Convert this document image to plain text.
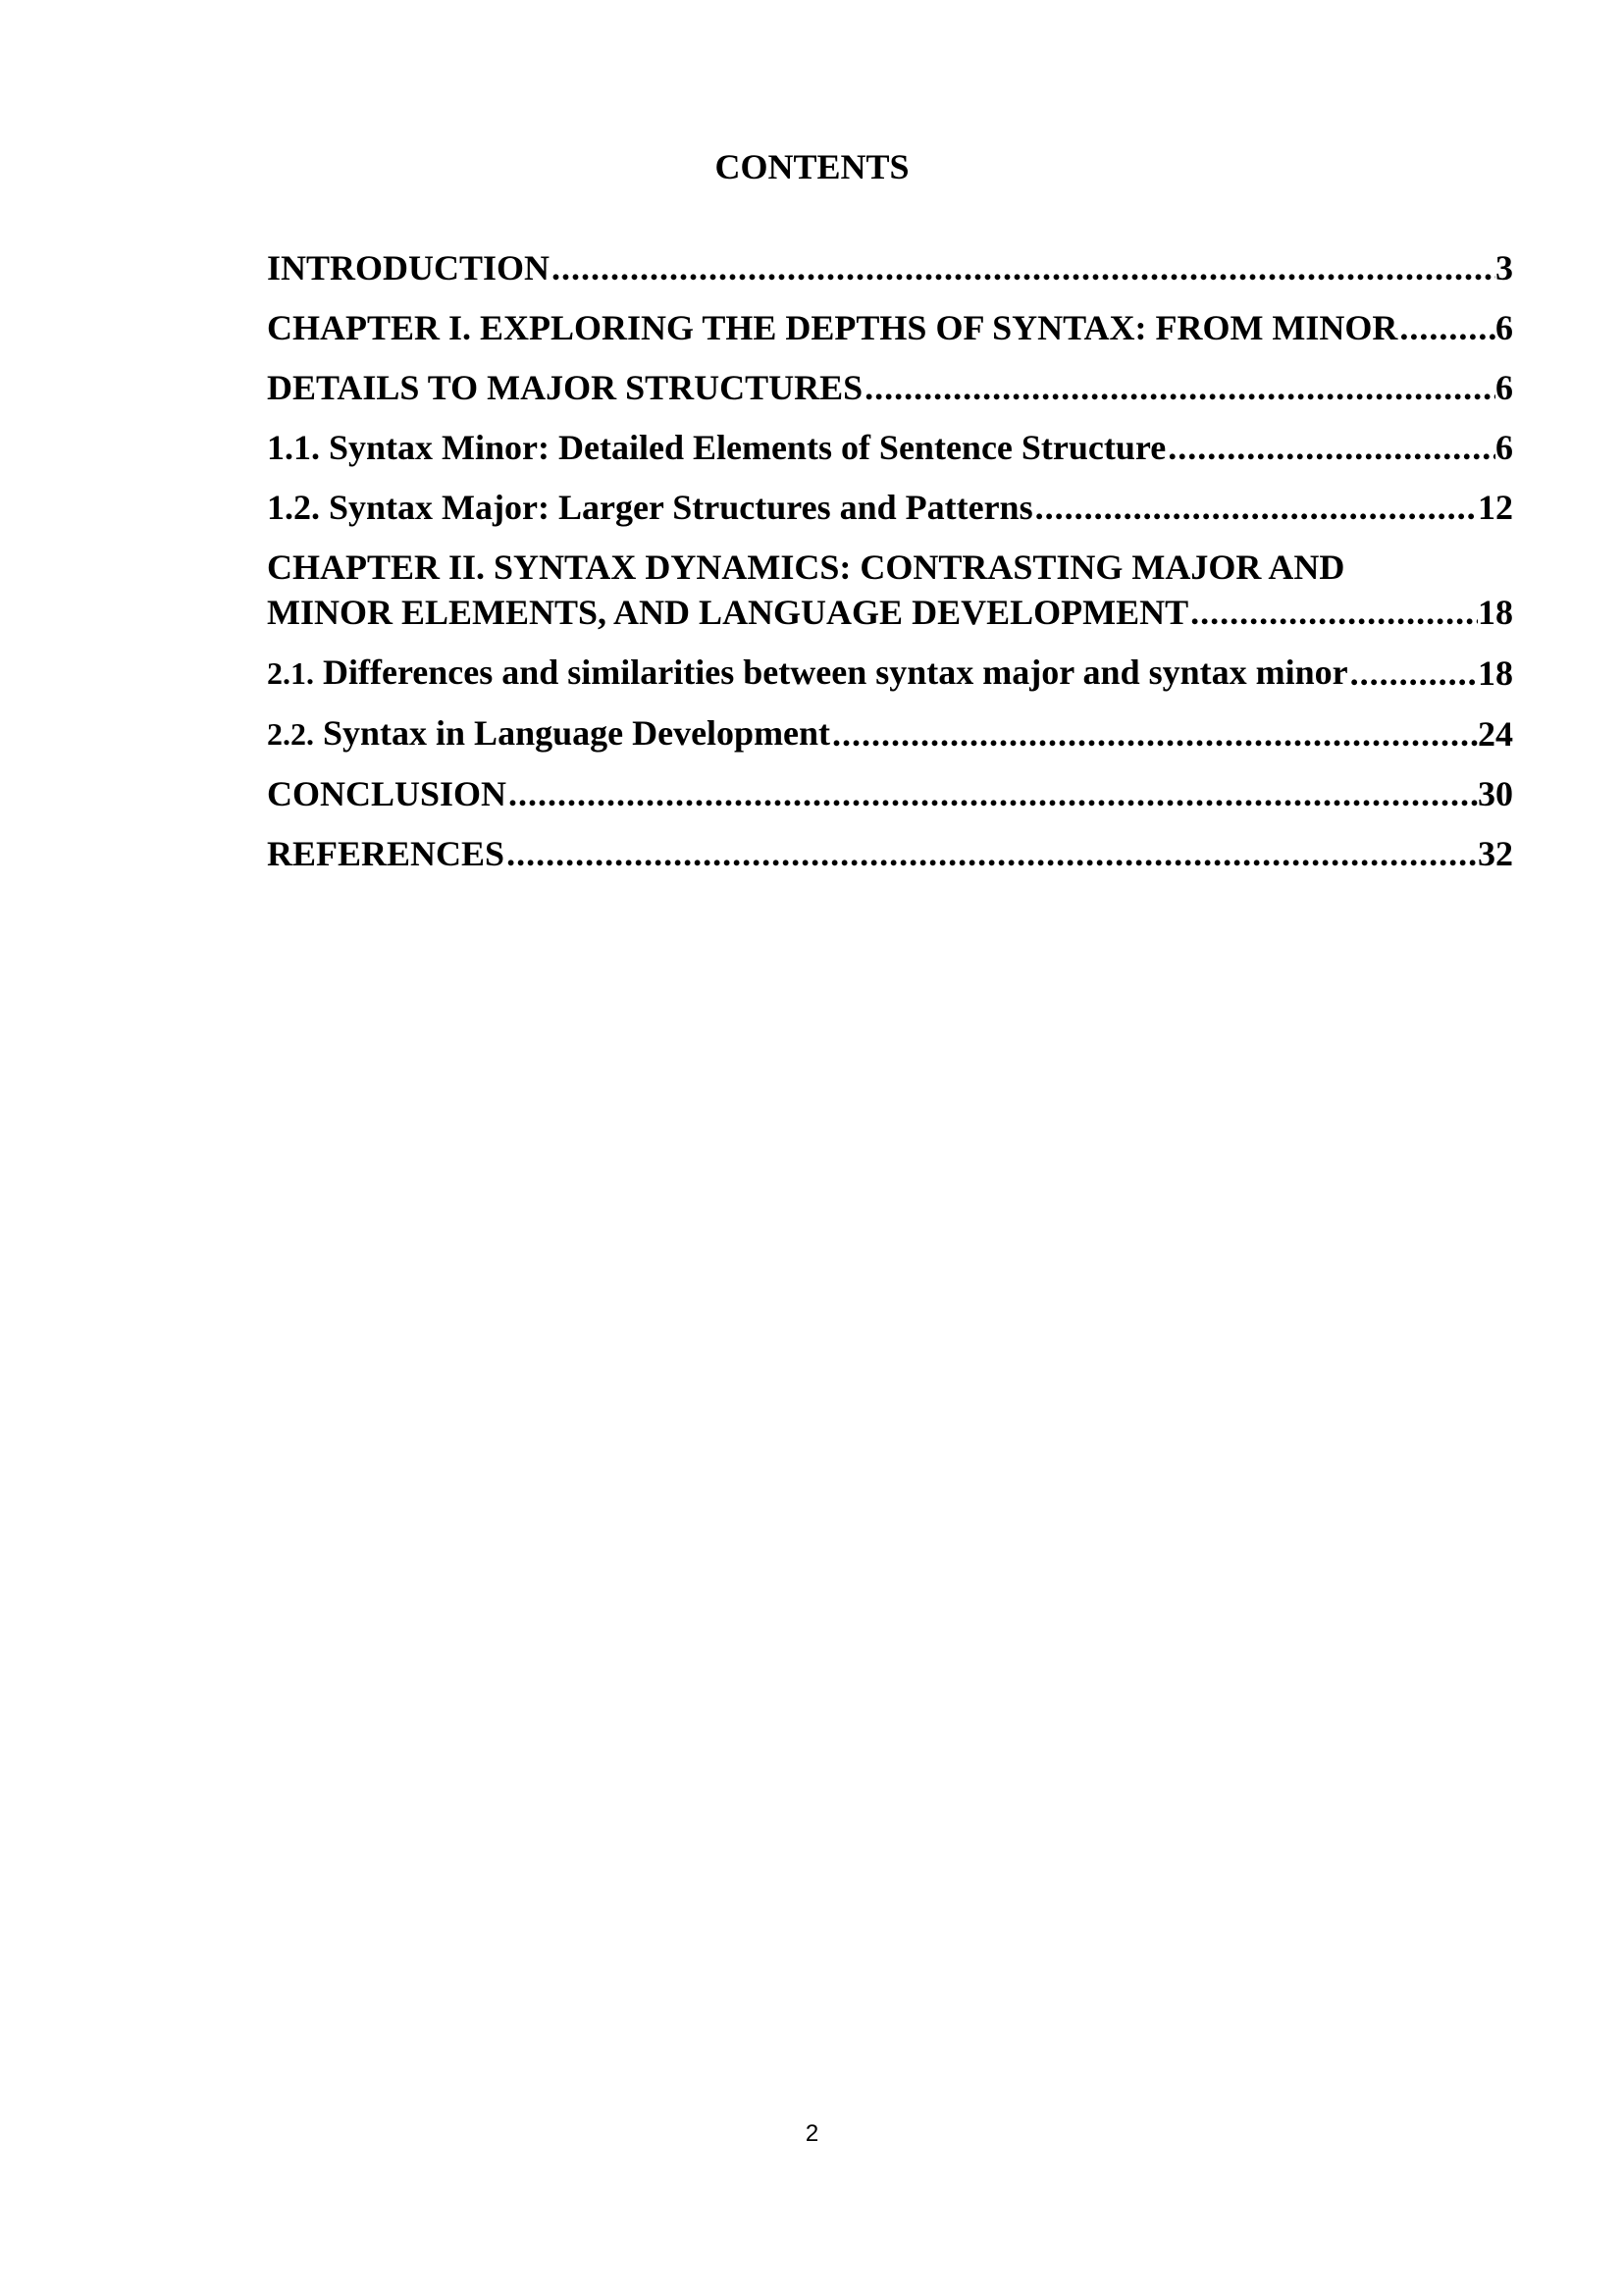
CONTENTS
INTRODUCTION .....	3
CHAPTER I. EXPLORING THE DEPTHS OF SYNTAX: FROM MINOR .....	6
DETAILS TO MAJOR STRUCTURES .....	6
1.1. Syntax Minor: Detailed Elements of Sentence Structure .....	6
1.2. Syntax Major: Larger Structures and Patterns .....	12
CHAPTER II. SYNTAX DYNAMICS: CONTRASTING MAJOR AND
MINOR ELEMENTS, AND LANGUAGE DEVELOPMENT .....	18
2.1. Differences and similarities between syntax major and syntax minor .....	18
2.2. Syntax in Language Development .....	24
CONCLUSION .....	30
REFERENCES .....	32
2
